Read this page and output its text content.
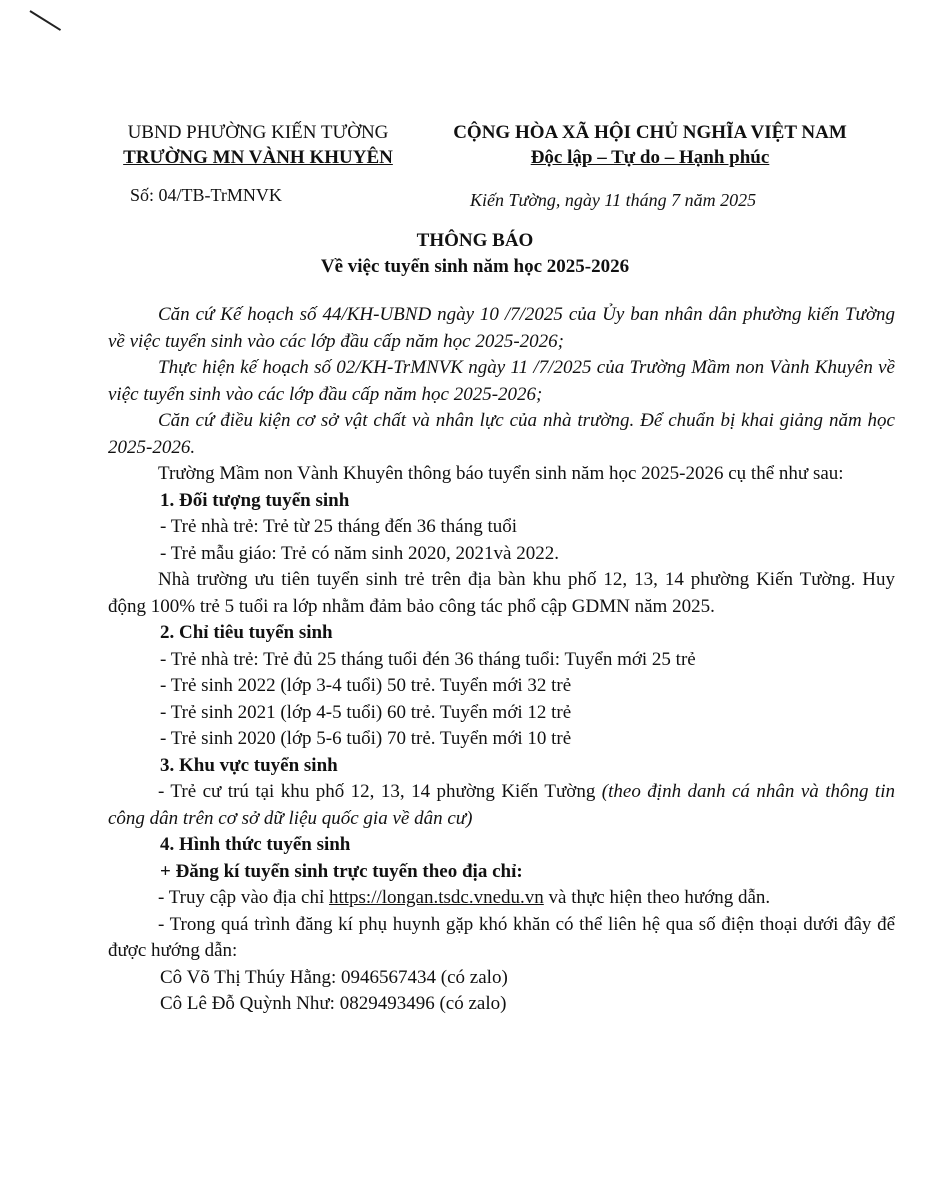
UBND PHƯỜNG KIẾN TƯỜNG
TRƯỜNG MN VÀNH KHUYÊN
CỘNG HÒA XÃ HỘI CHỦ NGHĨA VIỆT NAM
Độc lập – Tự do – Hạnh phúc
Số: 04/TB-TrMNVK	Kiến Tường, ngày 11 tháng 7 năm 2025
THÔNG BÁO
Về việc tuyển sinh năm học 2025-2026

Căn cứ Kế hoạch số 44/KH-UBND ngày 10 /7/2025 của Ủy ban nhân dân phường kiến Tường về việc tuyển sinh vào các lớp đầu cấp năm học 2025-2026;

Thực hiện kế hoạch số 02/KH-TrMNVK ngày 11 /7/2025 của Trường Mầm non Vành Khuyên về việc tuyển sinh vào các lớp đầu cấp năm học 2025-2026;

Căn cứ điều kiện cơ sở vật chất và nhân lực của nhà trường. Để chuẩn bị khai giảng năm học 2025-2026.

Trường Mầm non Vành Khuyên thông báo tuyển sinh năm học 2025-2026 cụ thể như sau:

1. Đối tượng tuyển sinh

- Trẻ nhà trẻ: Trẻ từ 25 tháng đến 36 tháng tuổi

- Trẻ mẫu giáo: Trẻ có năm sinh 2020, 2021và 2022.

Nhà trường ưu tiên tuyển sinh trẻ trên địa bàn khu phố 12, 13, 14 phường Kiến Tường. Huy động 100% trẻ 5 tuổi ra lớp nhằm đảm bảo công tác phổ cập GDMN năm 2025.

2. Chỉ tiêu tuyển sinh

- Trẻ nhà trẻ: Trẻ đủ 25 tháng tuổi đén 36 tháng tuổi: Tuyển mới 25 trẻ

- Trẻ sinh 2022 (lớp 3-4 tuổi) 50 trẻ. Tuyển mới 32 trẻ

- Trẻ sinh 2021 (lớp 4-5 tuổi) 60 trẻ. Tuyển mới 12 trẻ

- Trẻ sinh 2020 (lớp 5-6 tuổi) 70 trẻ. Tuyển mới 10 trẻ

3. Khu vực tuyển sinh

- Trẻ cư trú tại khu phố 12, 13, 14 phường Kiến Tường (theo định danh cá nhân và thông tin công dân trên cơ sở dữ liệu quốc gia về dân cư)

4. Hình thức tuyển sinh

+ Đăng kí tuyển sinh trực tuyến theo địa chỉ:

- Truy cập vào địa chỉ https://longan.tsdc.vnedu.vn và thực hiện theo hướng dẫn.

- Trong quá trình đăng kí phụ huynh gặp khó khăn có thể liên hệ qua số điện thoại dưới đây để được hướng dẫn:

Cô Võ Thị Thúy Hằng: 0946567434 (có zalo)

Cô Lê Đỗ Quỳnh Như: 0829493496 (có zalo)
